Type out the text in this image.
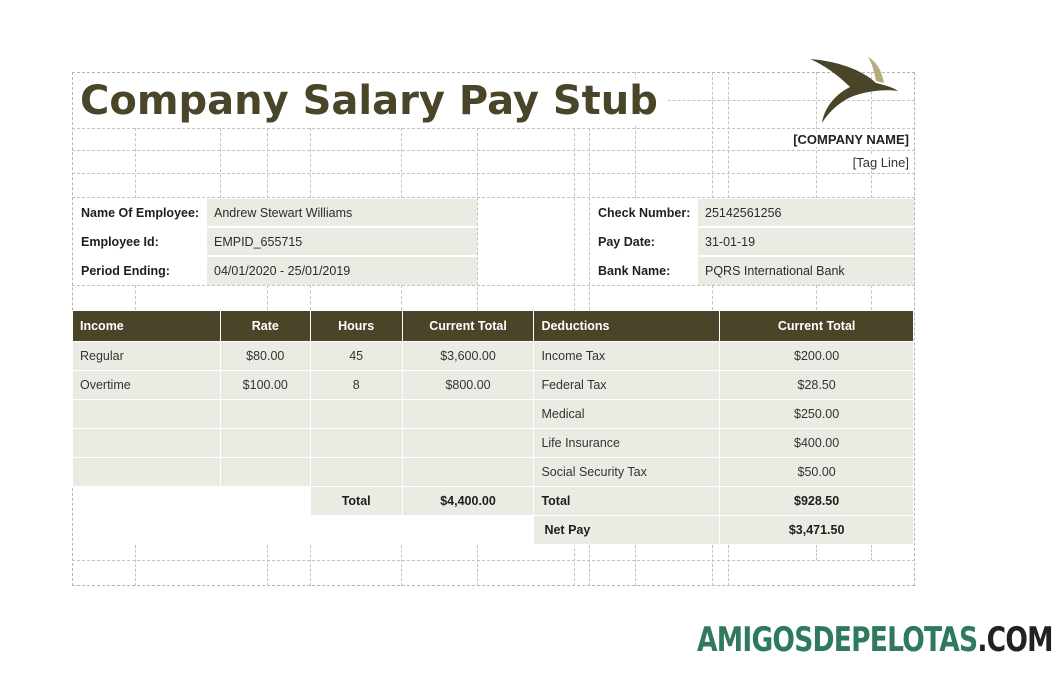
Company Salary Pay Stub
[COMPANY NAME]
[Tag Line]
Name Of Employee:	Andrew Stewart Williams
Employee Id:	EMPID_655715
Period Ending:	04/01/2020 - 25/01/2019
Check Number:	25142561256
Pay Date:	31-01-19
Bank Name:	PQRS International Bank
Income	Rate	Hours	Current Total	Deductions	Current Total
Regular	$80.00	45	$3,600.00	Income Tax	$200.00
Overtime	$100.00	8	$800.00	Federal Tax	$28.50
				Medical	$250.00
				Life Insurance	$400.00
				Social Security Tax	$50.00
		Total	$4,400.00	Total	$928.50
				Net Pay	$3,471.50
AMIGOSDEPELOTAS.COM
